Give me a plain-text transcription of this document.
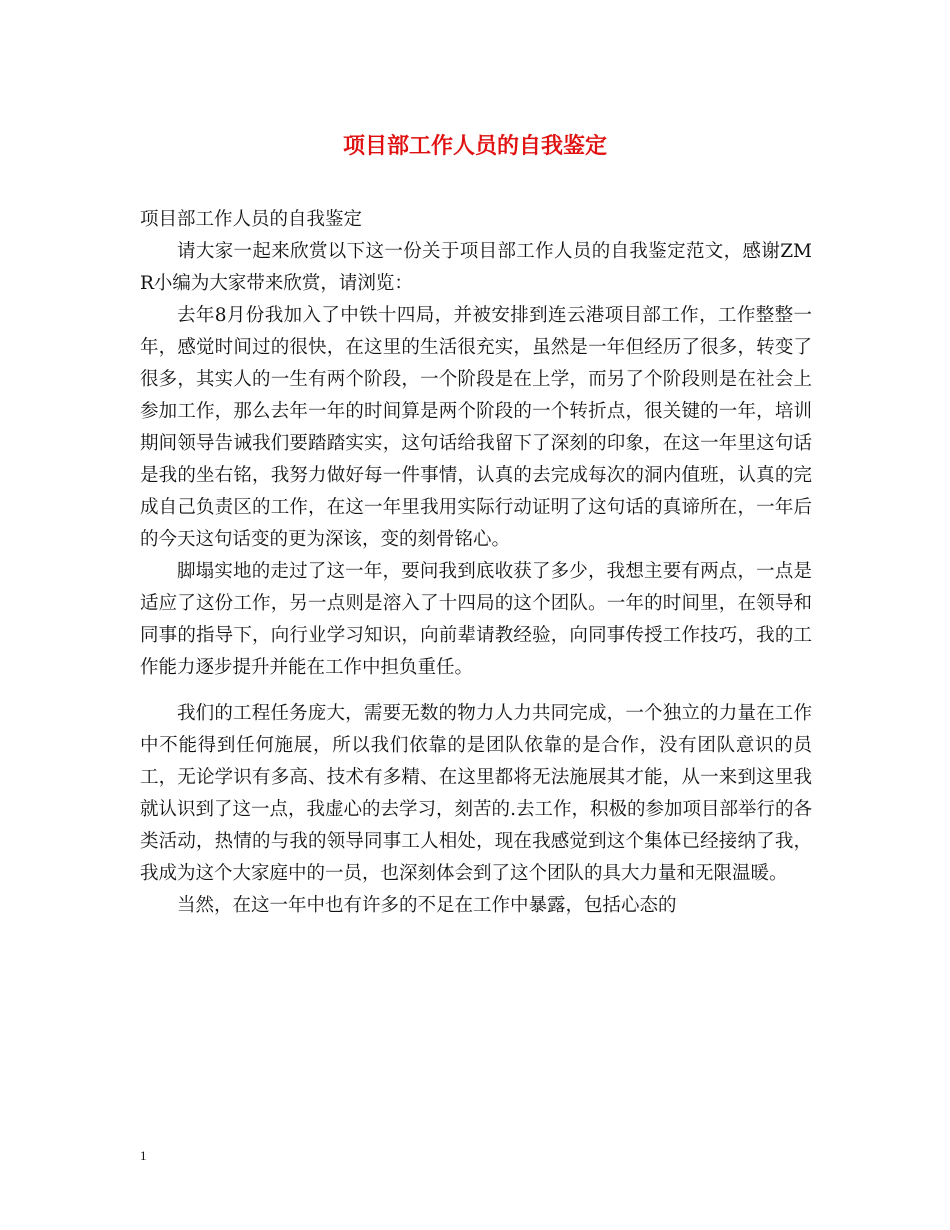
项目部工作人员的自我鉴定

项目部工作人员的自我鉴定

请大家一起来欣赏以下这一份关于项目部工作人员的自我鉴定范文，感谢ZMR小编为大家带来欣赏，请浏览：

去年8月份我加入了中铁十四局，并被安排到连云港项目部工作，工作整整一年，感觉时间过的很快，在这里的生活很充实，虽然是一年但经历了很多，转变了很多，其实人的一生有两个阶段，一个阶段是在上学，而另了个阶段则是在社会上参加工作，那么去年一年的时间算是两个阶段的一个转折点，很关键的一年，培训期间领导告诫我们要踏踏实实，这句话给我留下了深刻的印象，在这一年里这句话是我的坐右铭，我努力做好每一件事情，认真的去完成每次的洞内值班，认真的完成自己负责区的工作，在这一年里我用实际行动证明了这句话的真谛所在，一年后的今天这句话变的更为深该，变的刻骨铭心。

脚塌实地的走过了这一年，要问我到底收获了多少，我想主要有两点，一点是适应了这份工作，另一点则是溶入了十四局的这个团队。一年的时间里，在领导和同事的指导下，向行业学习知识，向前辈请教经验，向同事传授工作技巧，我的工作能力逐步提升并能在工作中担负重任。

我们的工程任务庞大，需要无数的物力人力共同完成，一个独立的力量在工作中不能得到任何施展，所以我们依靠的是团队依靠的是合作，没有团队意识的员工，无论学识有多高、技术有多精、在这里都将无法施展其才能，从一来到这里我就认识到了这一点，我虚心的去学习，刻苦的.去工作，积极的参加项目部举行的各类活动，热情的与我的领导同事工人相处，现在我感觉到这个集体已经接纳了我，我成为这个大家庭中的一员，也深刻体会到了这个团队的具大力量和无限温暖。

当然，在这一年中也有许多的不足在工作中暴露，包括心态的

1
